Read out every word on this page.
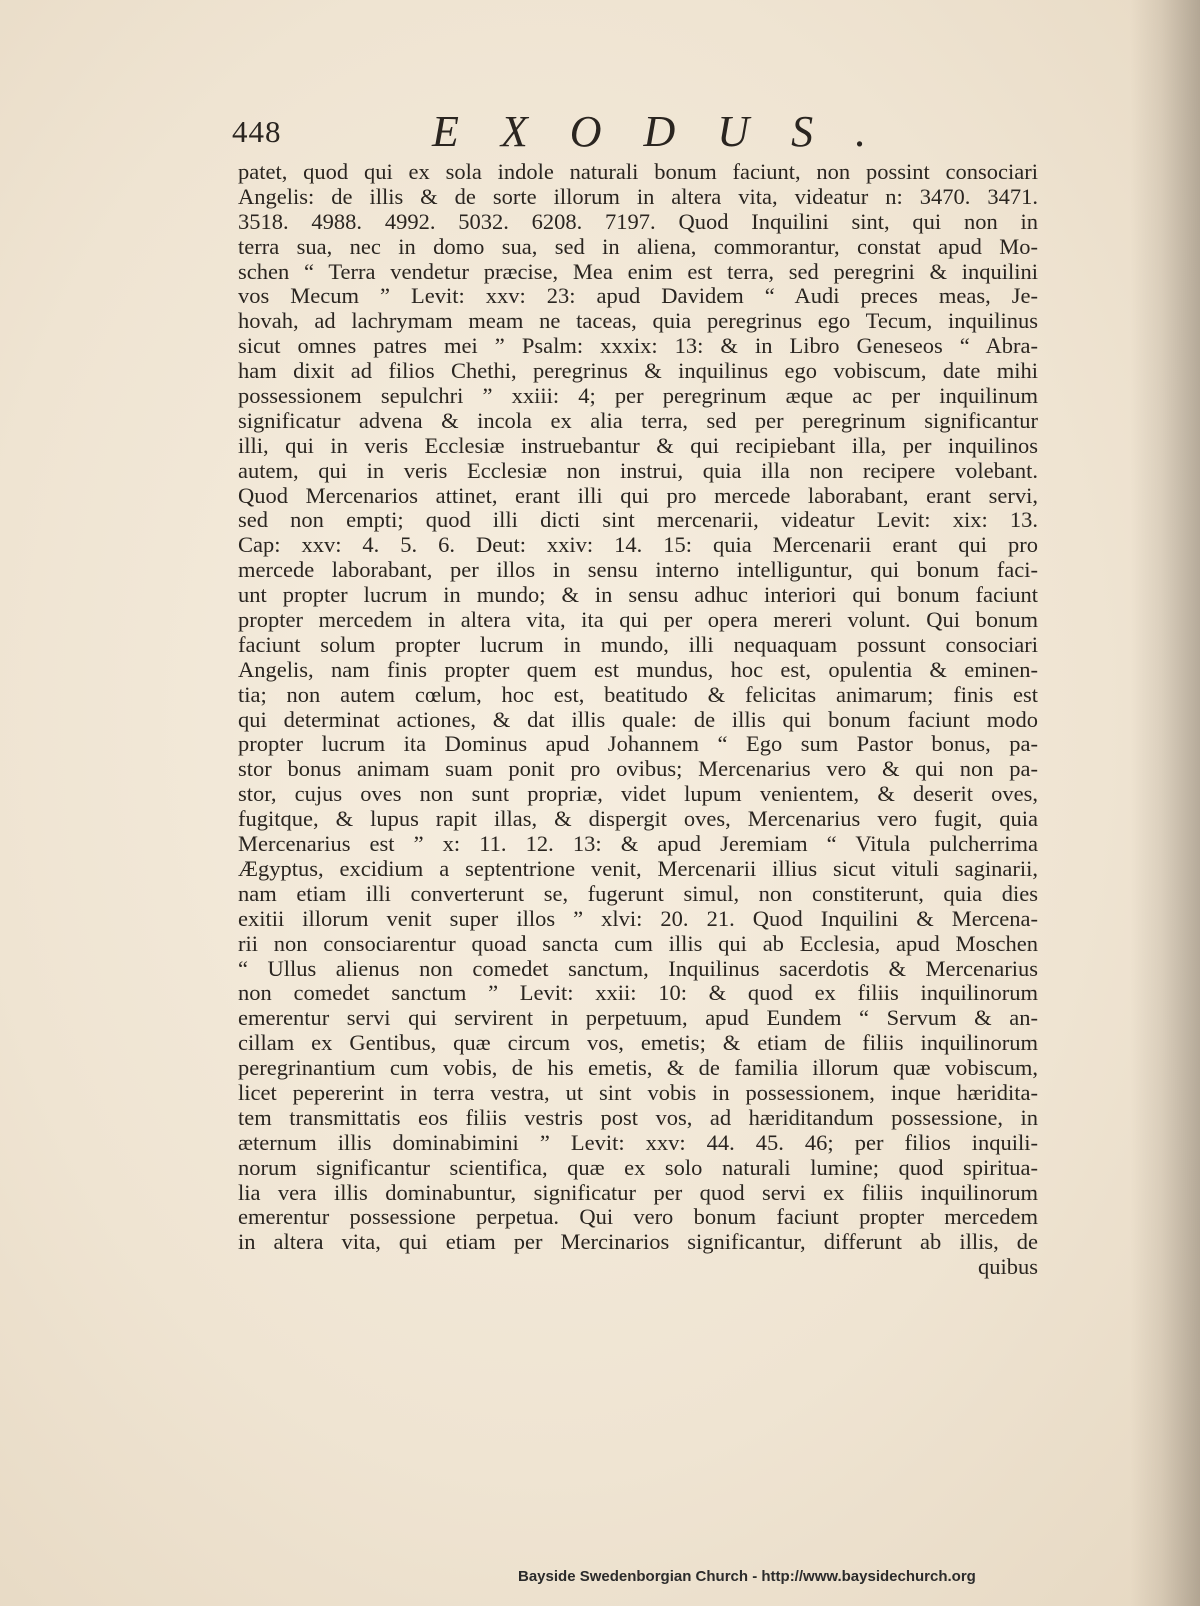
448	EXODUS.
patet, quod qui ex sola indole naturali bonum faciunt, non possint consociari
Angelis: de illis & de sorte illorum in altera vita, videatur n: 3470. 3471.
3518. 4988. 4992. 5032. 6208. 7197. Quod Inquilini sint, qui non in
terra sua, nec in domo sua, sed in aliena, commorantur, constat apud Mo-
schen “ Terra vendetur præcise, Mea enim est terra, sed peregrini & inquilini
vos Mecum ” Levit: xxv: 23: apud Davidem “ Audi preces meas, Je-
hovah, ad lachrymam meam ne taceas, quia peregrinus ego Tecum, inquilinus
sicut omnes patres mei ” Psalm: xxxix: 13: & in Libro Geneseos “ Abra-
ham dixit ad filios Chethi, peregrinus & inquilinus ego vobiscum, date mihi
possessionem sepulchri ” xxiii: 4; per peregrinum æque ac per inquilinum
significatur advena & incola ex alia terra, sed per peregrinum significantur
illi, qui in veris Ecclesiæ instruebantur & qui recipiebant illa, per inquilinos
autem, qui in veris Ecclesiæ non instrui, quia illa non recipere volebant.
Quod Mercenarios attinet, erant illi qui pro mercede laborabant, erant servi,
sed non empti; quod illi dicti sint mercenarii, videatur Levit: xix: 13.
Cap: xxv: 4. 5. 6. Deut: xxiv: 14. 15: quia Mercenarii erant qui pro
mercede laborabant, per illos in sensu interno intelliguntur, qui bonum faci-
unt propter lucrum in mundo; & in sensu adhuc interiori qui bonum faciunt
propter mercedem in altera vita, ita qui per opera mereri volunt. Qui bonum
faciunt solum propter lucrum in mundo, illi nequaquam possunt consociari
Angelis, nam finis propter quem est mundus, hoc est, opulentia & eminen-
tia; non autem cœlum, hoc est, beatitudo & felicitas animarum; finis est
qui determinat actiones, & dat illis quale: de illis qui bonum faciunt modo
propter lucrum ita Dominus apud Johannem “ Ego sum Pastor bonus, pa-
stor bonus animam suam ponit pro ovibus; Mercenarius vero & qui non pa-
stor, cujus oves non sunt propriæ, videt lupum venientem, & deserit oves,
fugitque, & lupus rapit illas, & dispergit oves, Mercenarius vero fugit, quia
Mercenarius est ” x: 11. 12. 13: & apud Jeremiam “ Vitula pulcherrima
Ægyptus, excidium a septentrione venit, Mercenarii illius sicut vituli saginarii,
nam etiam illi converterunt se, fugerunt simul, non constiterunt, quia dies
exitii illorum venit super illos ” xlvi: 20. 21. Quod Inquilini & Mercena-
rii non consociarentur quoad sancta cum illis qui ab Ecclesia, apud Moschen
“ Ullus alienus non comedet sanctum, Inquilinus sacerdotis & Mercenarius
non comedet sanctum ” Levit: xxii: 10: & quod ex filiis inquilinorum
emerentur servi qui servirent in perpetuum, apud Eundem “ Servum & an-
cillam ex Gentibus, quæ circum vos, emetis; & etiam de filiis inquilinorum
peregrinantium cum vobis, de his emetis, & de familia illorum quæ vobiscum,
licet pepererint in terra vestra, ut sint vobis in possessionem, inque hæridita-
tem transmittatis eos filiis vestris post vos, ad hæriditandum possessione, in
æternum illis dominabimini ” Levit: xxv: 44. 45. 46; per filios inquili-
norum significantur scientifica, quæ ex solo naturali lumine; quod spiritua-
lia vera illis dominabuntur, significatur per quod servi ex filiis inquilinorum
emerentur possessione perpetua. Qui vero bonum faciunt propter mercedem
in altera vita, qui etiam per Mercinarios significantur, differunt ab illis, de
quibus
Bayside Swedenborgian Church - http://www.baysidechurch.org
